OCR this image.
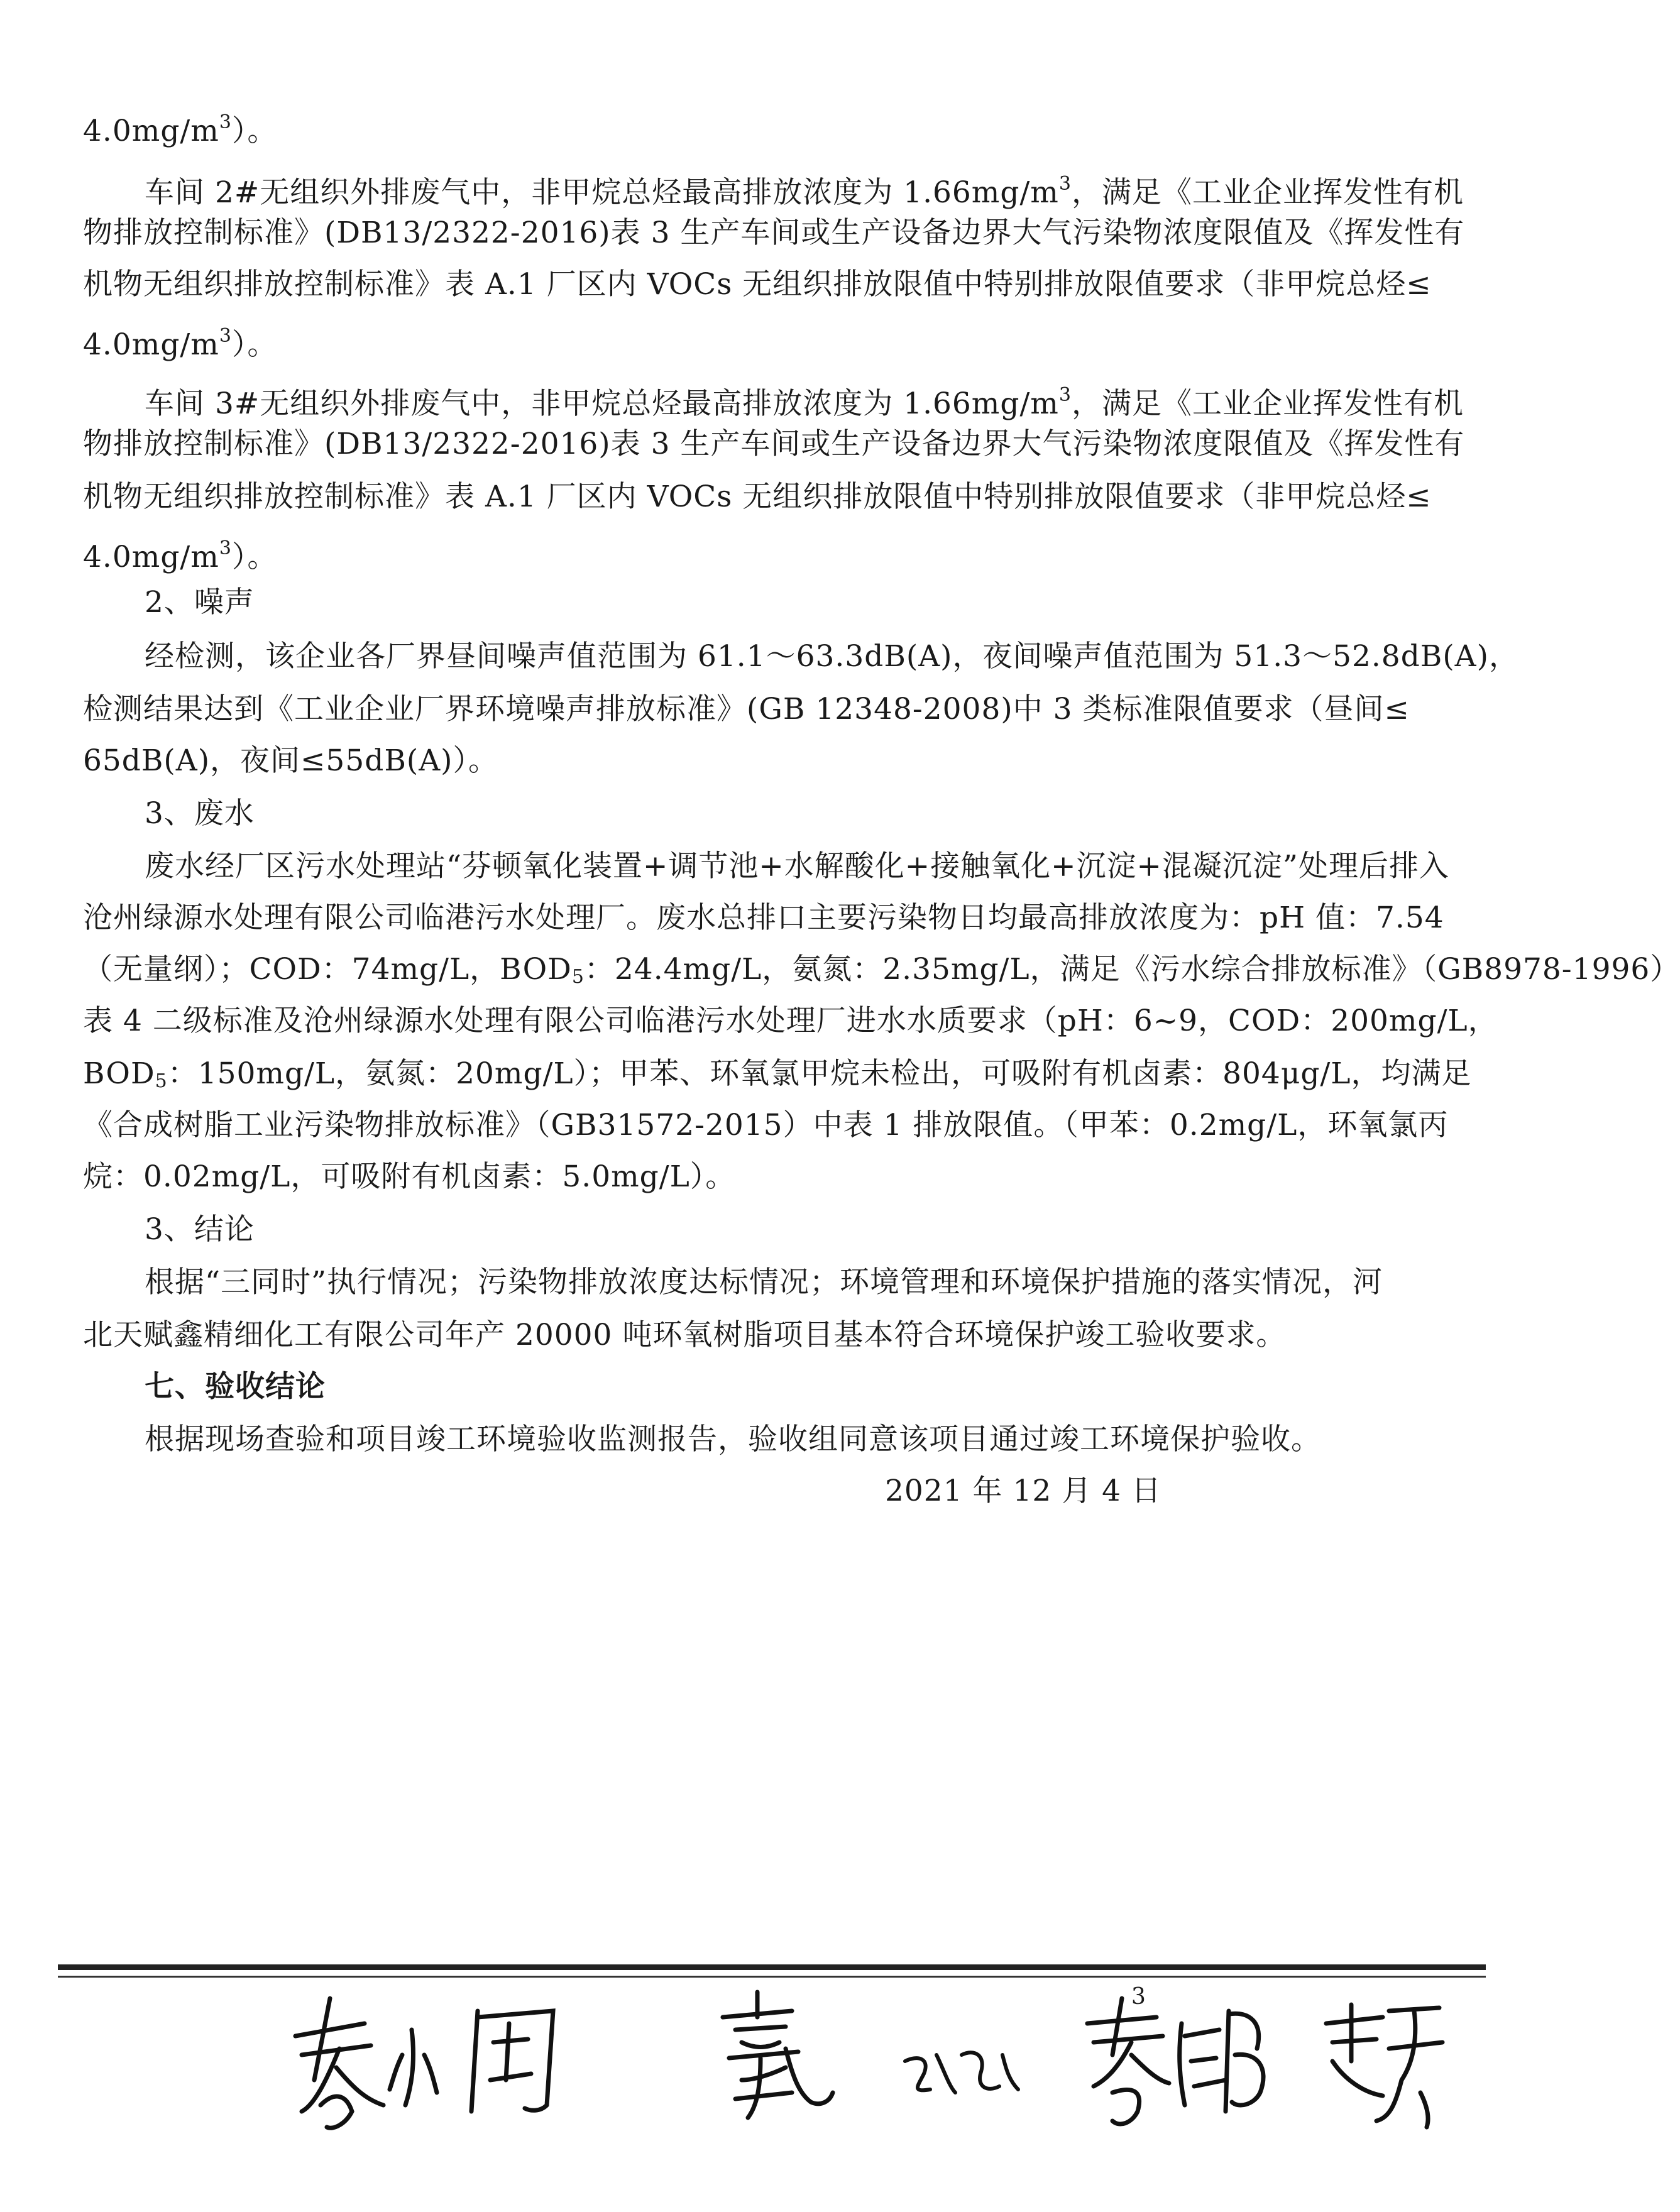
$4.0mg/m^3$）。
车间 2#无组织外排废气中，非甲烷总烃最高排放浓度为 $1.66mg/m^3$，满足《工业企业挥发性有机
物排放控制标准》(DB13/2322-2016)表 3 生产车间或生产设备边界大气污染物浓度限值及《挥发性有
机物无组织排放控制标准》表 A.1 厂区内 VOCs 无组织排放限值中特别排放限值要求（非甲烷总烃≤
$4.0mg/m^3$）。
车间 3#无组织外排废气中，非甲烷总烃最高排放浓度为 $1.66mg/m^3$，满足《工业企业挥发性有机
物排放控制标准》(DB13/2322-2016)表 3 生产车间或生产设备边界大气污染物浓度限值及《挥发性有
机物无组织排放控制标准》表 A.1 厂区内 VOCs 无组织排放限值中特别排放限值要求（非甲烷总烃≤
$4.0mg/m^3$）。
2、噪声
经检测，该企业各厂界昼间噪声值范围为 61.1～63.3dB(A)，夜间噪声值范围为 51.3～52.8dB(A)，
检测结果达到《工业企业厂界环境噪声排放标准》(GB 12348-2008)中 3 类标准限值要求（昼间≤
65dB(A)，夜间≤55dB(A)）。
3、废水
废水经厂区污水处理站“芬顿氧化装置+调节池+水解酸化+接触氧化+沉淀+混凝沉淀”处理后排入
沧州绿源水处理有限公司临港污水处理厂。废水总排口主要污染物日均最高排放浓度为：pH 值：7.54
（无量纲）；COD：74mg/L，$BOD_5$：24.4mg/L，氨氮：2.35mg/L，满足《污水综合排放标准》（GB8978-1996）
表 4 二级标准及沧州绿源水处理有限公司临港污水处理厂进水水质要求（pH：6~9，COD：200mg/L，
$BOD_5$：150mg/L，氨氮：20mg/L）；甲苯、环氧氯甲烷未检出，可吸附有机卤素：804μg/L，均满足
《合成树脂工业污染物排放标准》（GB31572-2015）中表 1 排放限值。（甲苯：0.2mg/L，环氧氯丙
烷：0.02mg/L，可吸附有机卤素：5.0mg/L）。
3、结论
根据“三同时”执行情况；污染物排放浓度达标情况；环境管理和环境保护措施的落实情况，河
北天赋鑫精细化工有限公司年产 20000 吨环氧树脂项目基本符合环境保护竣工验收要求。
七、验收结论
根据现场查验和项目竣工环境验收监测报告，验收组同意该项目通过竣工环境保护验收。
2021 年 12 月 4 日
3
